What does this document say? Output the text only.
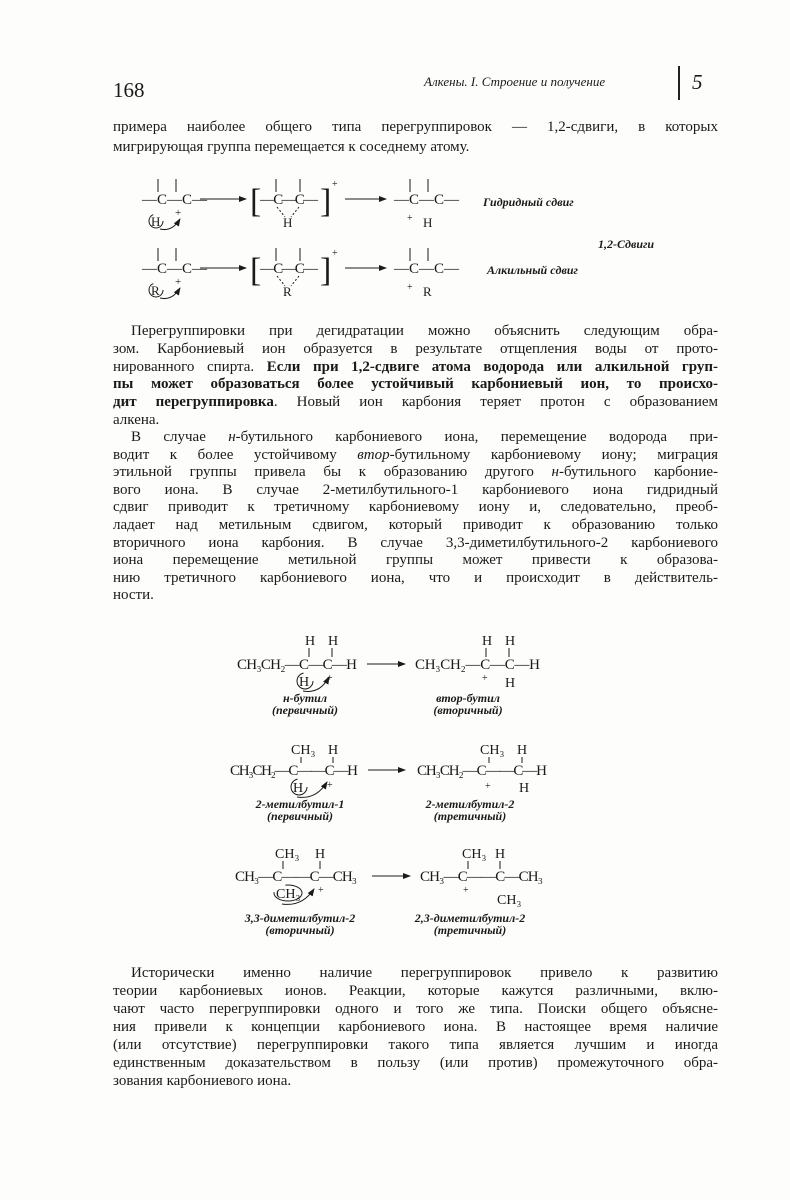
168	Алкены. I. Строение и получение	5
примера наиболее общего типа перегруппировок — 1,2-сдвиги, в которых
мигрирующая группа перемещается к соседнему атому.
Перегруппировки при дегидратации можно объяснить следующим обра-
зом. Карбониевый ион образуется в результате отщепления воды от прото-
нированного спирта. Если при 1,2-сдвиге атома водорода или алкильной груп-
пы может образоваться более устойчивый карбониевый ион, то происхо-
дит перегруппировка. Новый ион карбония теряет протон с образованием
алкена.
В случае н-бутильного карбониевого иона, перемещение водорода при-
водит к более устойчивому втор-бутильному карбониевому иону; миграция
этильной группы привела бы к образованию другого н-бутильного карбоние-
вого иона. В случае 2-метилбутильного-1 карбониевого иона гидридный
сдвиг приводит к третичному карбониевому иону и, следовательно, преоб-
ладает над метильным сдвигом, который приводит к образованию только
вторичного иона карбония. В случае 3,3-диметилбутильного-2 карбониевого
иона перемещение метильной группы может привести к образова-
нию третичного карбониевого иона, что и происходит в действитель-
ности.
Исторически именно наличие перегруппировок привело к развитию
теории карбониевых ионов. Реакции, которые кажутся различными, вклю-
чают часто перегруппировки одного и того же типа. Поиски общего объясне-
ния привели к концепции карбониевого иона. В настоящее время наличие
(или отсутствие) перегруппировки такого типа является лучшим и иногда
единственным доказательством в пользу (или против) промежуточного обра-
зования карбониевого иона.
—C—C—
H
+ [
—C—C—
H
] +
—C—C—
+ H
Гидридный сдвиг
1,2-Сдвиги
—C—C—
R
+ [
—C—C—
R
] +
—C—C—
+ R
Алкильный сдвиг
CH₃CH₂—C—C—H
H H
+
H
н-бутил
(первичный)
CH₃CH₂—C—C—H
H H
+ H
втор-бутил
(вторичный)
CH₃CH₂—C——C—H
CH₃ H
+
H
2-метилбутил-1
(первичный)
CH₃CH₂—C——C—H
CH₃ H
+ H
2-метилбутил-2
(третичный)
CH₃—C——C—CH₃
CH₃ H
+
CH₃
3,3-диметилбутил-2
(вторичный)
CH₃—C——C—CH₃
CH₃ H
+
CH₃
2,3-диметилбутил-2
(третичный)
